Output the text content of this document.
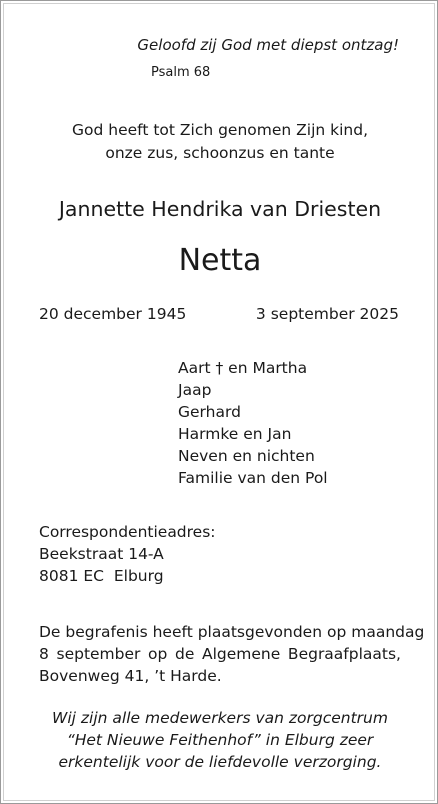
Geloofd zij God met diepst ontzag!
Psalm 68
God heeft tot Zich genomen Zijn kind,
onze zus, schoonzus en tante
Jannette Hendrika van Driesten
Netta
20 december 1945	3 september 2025
Aart † en Martha
Jaap
Gerhard
Harmke en Jan
Neven en nichten
Familie van den Pol
Correspondentieadres:
Beekstraat 14-A
8081 EC  Elburg
De begrafenis heeft plaatsgevonden op maandag
8 september op de Algemene Begraafplaats,
Bovenweg 41, ’t Harde.
Wij zijn alle medewerkers van zorgcentrum
“Het Nieuwe Feithenhof” in Elburg zeer
erkentelijk voor de liefdevolle verzorging.
